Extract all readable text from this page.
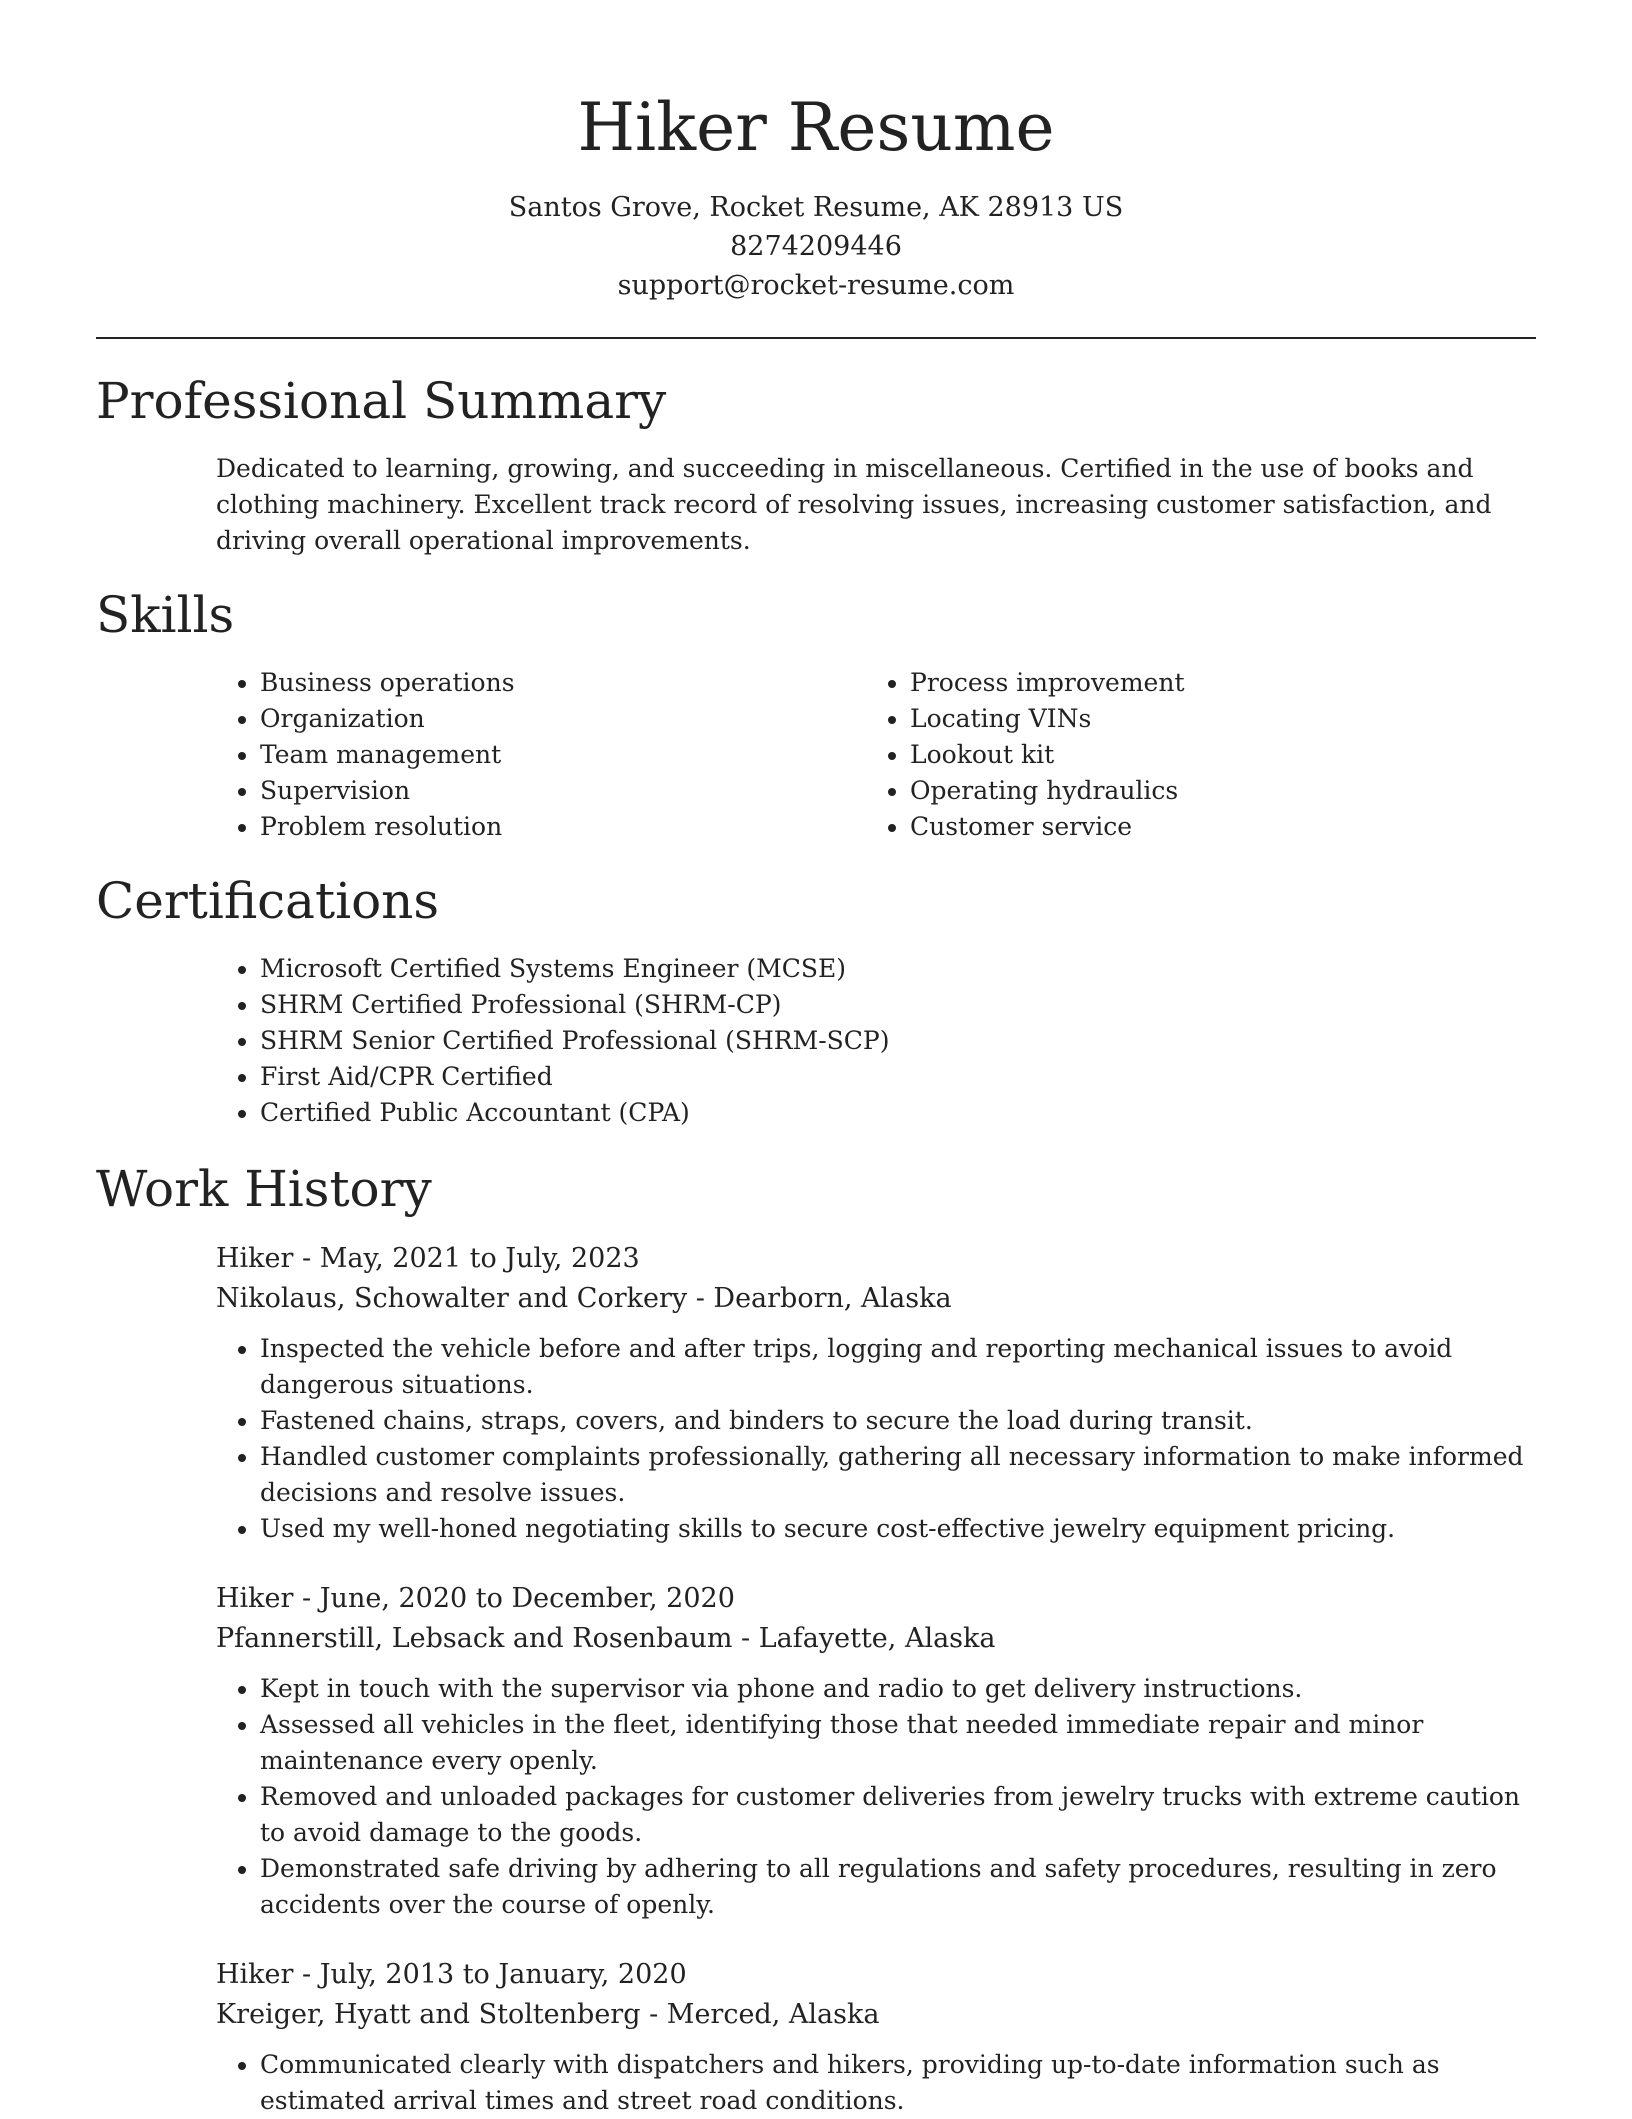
Hiker Resume
Santos Grove, Rocket Resume, AK 28913 US
8274209446
support@rocket-resume.com
Professional Summary

Dedicated to learning, growing, and succeeding in miscellaneous. Certified in the use of books and clothing machinery. Excellent track record of resolving issues, increasing customer satisfaction, and driving overall operational improvements.

Skills
• Business operations
• Organization
• Team management
• Supervision
• Problem resolution
• Process improvement
• Locating VINs
• Lookout kit
• Operating hydraulics
• Customer service
Certifications
• Microsoft Certified Systems Engineer (MCSE)
• SHRM Certified Professional (SHRM-CP)
• SHRM Senior Certified Professional (SHRM-SCP)
• First Aid/CPR Certified
• Certified Public Accountant (CPA)
Work History
Hiker - May, 2021 to July, 2023
Nikolaus, Schowalter and Corkery - Dearborn, Alaska
• Inspected the vehicle before and after trips, logging and reporting mechanical issues to avoid dangerous situations.
• Fastened chains, straps, covers, and binders to secure the load during transit.
• Handled customer complaints professionally, gathering all necessary information to make informed decisions and resolve issues.
• Used my well-honed negotiating skills to secure cost-effective jewelry equipment pricing.
Hiker - June, 2020 to December, 2020
Pfannerstill, Lebsack and Rosenbaum - Lafayette, Alaska
• Kept in touch with the supervisor via phone and radio to get delivery instructions.
• Assessed all vehicles in the fleet, identifying those that needed immediate repair and minor maintenance every openly.
• Removed and unloaded packages for customer deliveries from jewelry trucks with extreme caution to avoid damage to the goods.
• Demonstrated safe driving by adhering to all regulations and safety procedures, resulting in zero accidents over the course of openly.
Hiker - July, 2013 to January, 2020
Kreiger, Hyatt and Stoltenberg - Merced, Alaska
• Communicated clearly with dispatchers and hikers, providing up-to-date information such as estimated arrival times and street road conditions.
